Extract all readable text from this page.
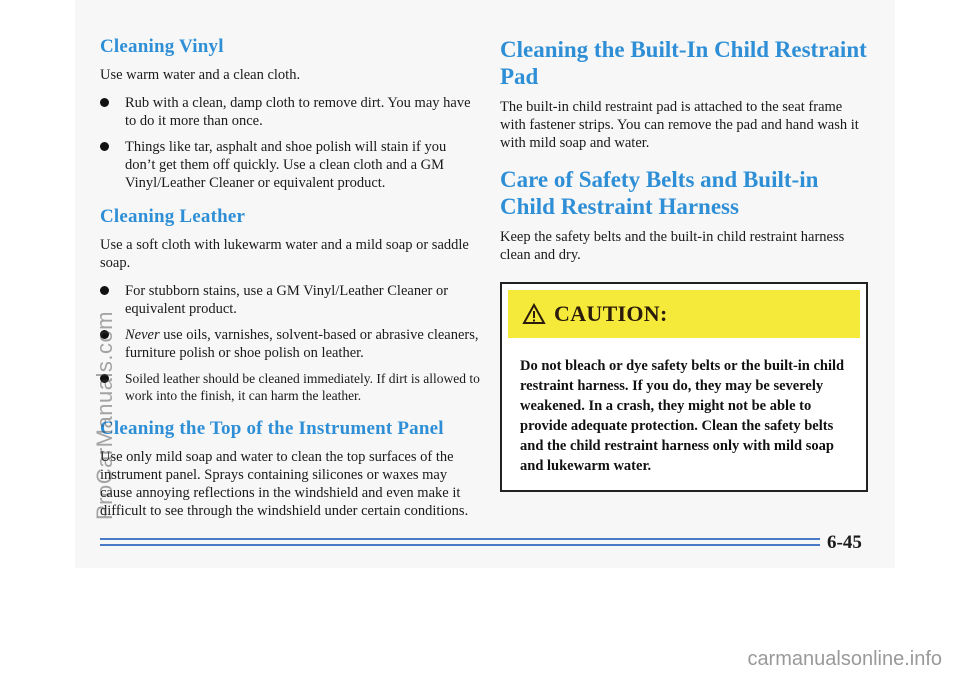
Cleaning Vinyl

Use warm water and a clean cloth.

Rub with a clean, damp cloth to remove dirt. You may have to do it more than once.
Things like tar, asphalt and shoe polish will stain if you don’t get them off quickly. Use a clean cloth and a GM Vinyl/Leather Cleaner or equivalent product.
Cleaning Leather

Use a soft cloth with lukewarm water and a mild soap or saddle soap.

For stubborn stains, use a GM Vinyl/Leather Cleaner or equivalent product.
Never use oils, varnishes, solvent-based or abrasive cleaners, furniture polish or shoe polish on leather.
Soiled leather should be cleaned immediately. If dirt is allowed to work into the finish, it can harm the leather.
Cleaning the Top of the Instrument Panel

Use only mild soap and water to clean the top surfaces of the instrument panel. Sprays containing silicones or waxes may cause annoying reflections in the windshield and even make it difficult to see through the windshield under certain conditions.

Cleaning the Built-In Child Restraint Pad

The built-in child restraint pad is attached to the seat frame with fastener strips. You can remove the pad and hand wash it with mild soap and water.

Care of Safety Belts and Built-in Child Restraint Harness

Keep the safety belts and the built-in child restraint harness clean and dry.

CAUTION:
Do not bleach or dye safety belts or the built-in child restraint harness. If you do, they may be severely weakened. In a crash, they might not be able to provide adequate protection. Clean the safety belts and the child restraint harness only with mild soap and lukewarm water.
6-45
ProCarManuals.com
carmanualsonline.info
